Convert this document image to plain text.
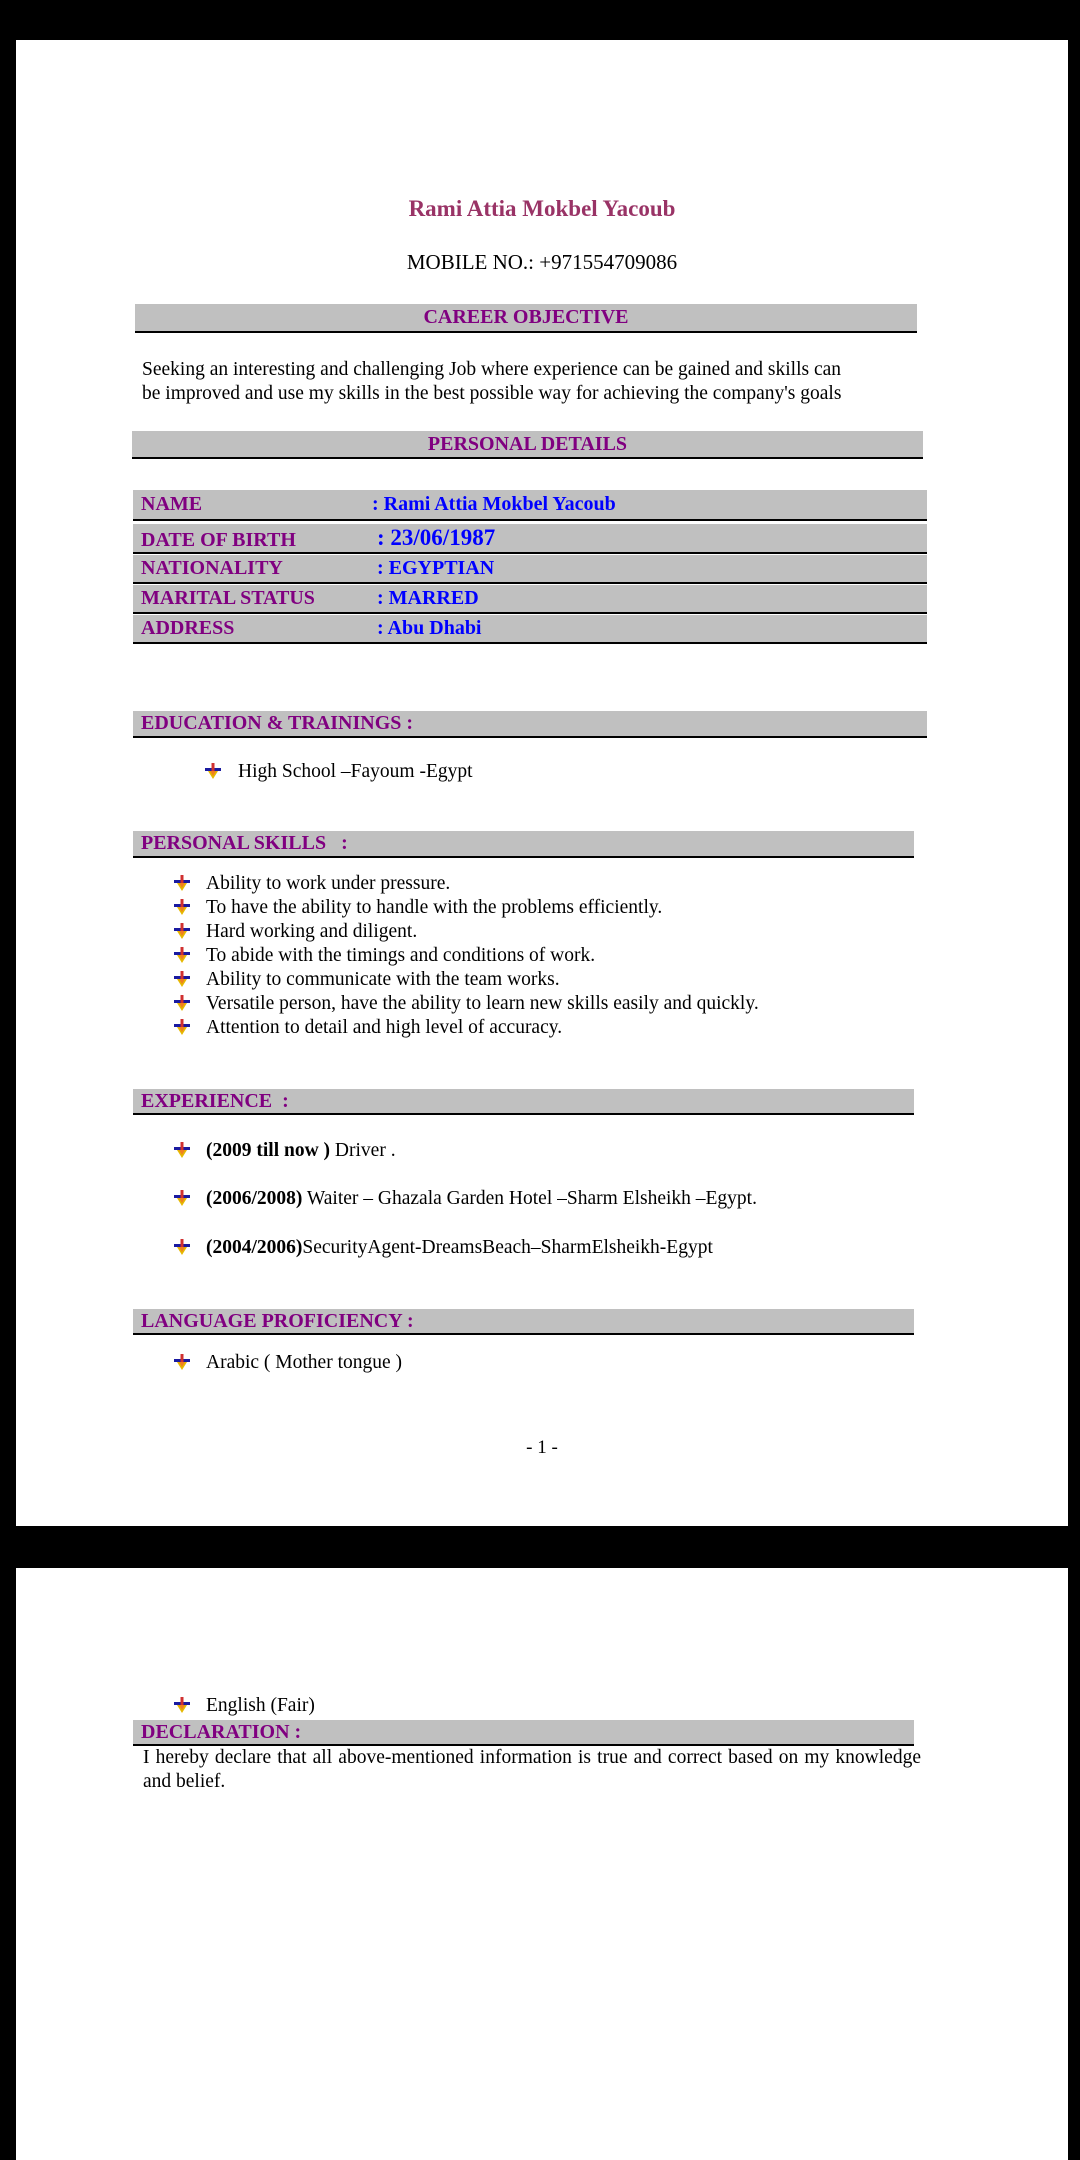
Rami Attia Mokbel Yacoub
MOBILE NO.: +971554709086
CAREER OBJECTIVE
Seeking an interesting and challenging Job where experience can be gained and skills can
be improved and use my skills in the best possible way for achieving the company's goals
PERSONAL DETAILS
NAME	: Rami Attia Mokbel Yacoub
DATE OF BIRTH	: 23/06/1987
NATIONALITY	: EGYPTIAN
MARITAL STATUS	: MARRED
ADDRESS	: Abu Dhabi
EDUCATION & TRAININGS :
High School –Fayoum -Egypt
PERSONAL SKILLS   :
Ability to work under pressure.
To have the ability to handle with the problems efficiently.
Hard working and diligent.
To abide with the timings and conditions of work.
Ability to communicate with the team works.
Versatile person, have the ability to learn new skills easily and quickly.
Attention to detail and high level of accuracy.
EXPERIENCE  :
(2009 till now ) Driver .
(2006/2008) Waiter – Ghazala Garden Hotel –Sharm Elsheikh –Egypt.
(2004/2006)SecurityAgent-DreamsBeach–SharmElsheikh-Egypt
LANGUAGE PROFICIENCY :
Arabic ( Mother tongue )
- 1 -
English (Fair)
DECLARATION :
I hereby declare that all above-mentioned information is true and correct based on my knowledge and belief.
